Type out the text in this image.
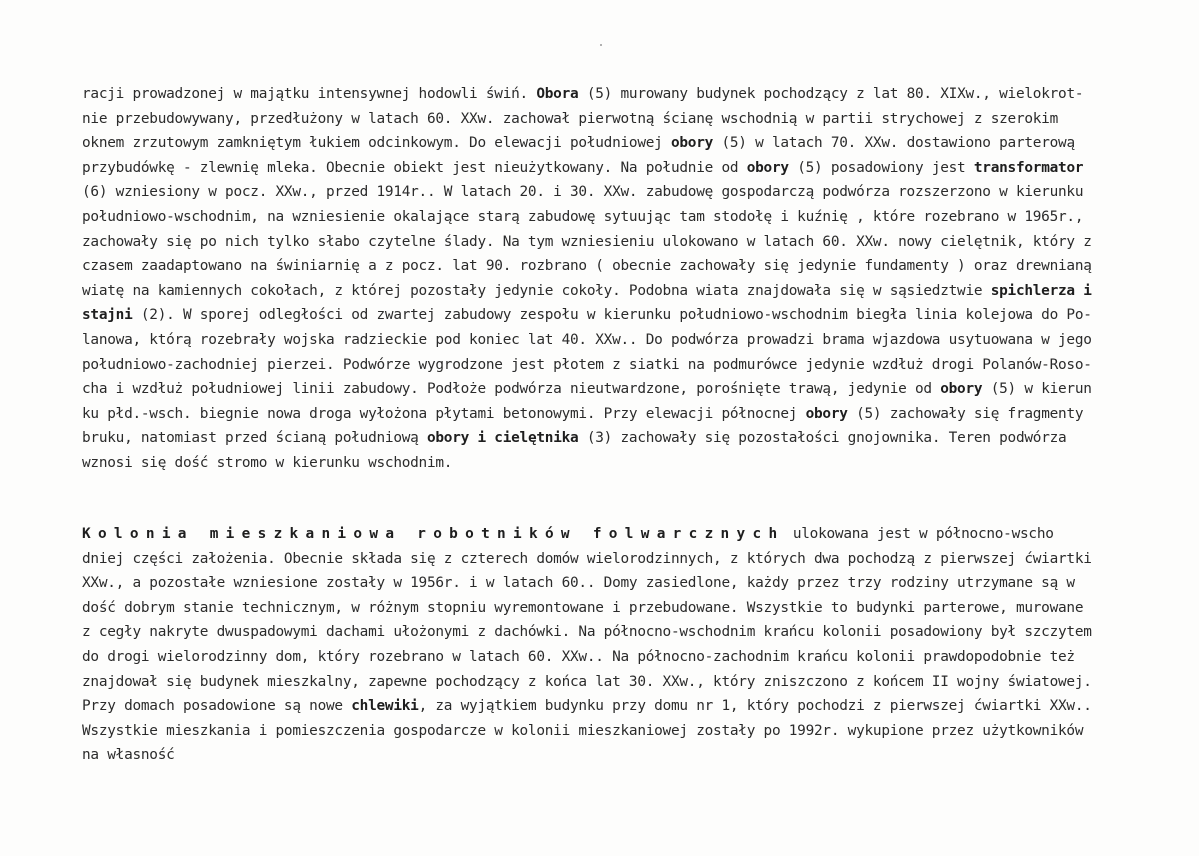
racji prowadzonej w majątku intensywnej hodowli świń. Obora (5) murowany budynek pochodzący z lat 80. XIXw., wielokrot-
nie przebudowywany, przedłużony w latach 60. XXw. zachował pierwotną ścianę wschodnią w partii strychowej z szerokim
oknem zrzutowym zamkniętym łukiem odcinkowym. Do elewacji południowej obory (5) w latach 70. XXw. dostawiono parterową
przybudówkę - zlewnię mleka. Obecnie obiekt jest nieużytkowany. Na południe od obory (5) posadowiony jest transformator
(6) wzniesiony w pocz. XXw., przed 1914r.. W latach 20. i 30. XXw. zabudowę gospodarczą podwórza rozszerzono w kierunku
południowo-wschodnim, na wzniesienie okalające starą zabudowę sytuując tam stodołę i kuźnię , które rozebrano w 1965r.,
zachowały się po nich tylko słabo czytelne ślady. Na tym wzniesieniu ulokowano w latach 60. XXw. nowy cielętnik, który z
czasem zaadaptowano na świniarnię a z pocz. lat 90. rozbrano ( obecnie zachowały się jedynie fundamenty ) oraz drewnianą
wiatę na kamiennych cokołach, z której pozostały jedynie cokoły. Podobna wiata znajdowała się w sąsiedztwie spichlerza i
stajni (2). W sporej odległości od zwartej zabudowy zespołu w kierunku południowo-wschodnim biegła linia kolejowa do Po-
lanowa, którą rozebrały wojska radzieckie pod koniec lat 40. XXw.. Do podwórza prowadzi brama wjazdowa usytuowana w jego
południowo-zachodniej pierzei. Podwórze wygrodzone jest płotem z siatki na podmurówce jedynie wzdłuż drogi Polanów-Roso-
cha i wzdłuż południowej linii zabudowy. Podłoże podwórza nieutwardzone, porośnięte trawą, jedynie od obory (5) w kierun
ku płd.-wsch. biegnie nowa droga wyłożona płytami betonowymi. Przy elewacji północnej obory (5) zachowały się fragmenty
bruku, natomiast przed ścianą południową obory i cielętnika (3) zachowały się pozostałości gnojownika. Teren podwórza
wznosi się dość stromo w kierunku wschodnim.
Kolonia mieszkaniowa robotników folwarcznych ulokowana jest w północno-wscho
dniej części założenia. Obecnie składa się z czterech domów wielorodzinnych, z których dwa pochodzą z pierwszej ćwiartki
XXw., a pozostałe wzniesione zostały w 1956r. i w latach 60.. Domy zasiedlone, każdy przez trzy rodziny utrzymane są w
dość dobrym stanie technicznym, w różnym stopniu wyremontowane i przebudowane. Wszystkie to budynki parterowe, murowane
z cegły nakryte dwuspadowymi dachami ułożonymi z dachówki. Na północno-wschodnim krańcu kolonii posadowiony był szczytem
do drogi wielorodzinny dom, który rozebrano w latach 60. XXw.. Na północno-zachodnim krańcu kolonii prawdopodobnie też
znajdował się budynek mieszkalny, zapewne pochodzący z końca lat 30. XXw., który zniszczono z końcem II wojny światowej.
Przy domach posadowione są nowe chlewiki, za wyjątkiem budynku przy domu nr 1, który pochodzi z pierwszej ćwiartki XXw..
Wszystkie mieszkania i pomieszczenia gospodarcze w kolonii mieszkaniowej zostały po 1992r. wykupione przez użytkowników
na własność
